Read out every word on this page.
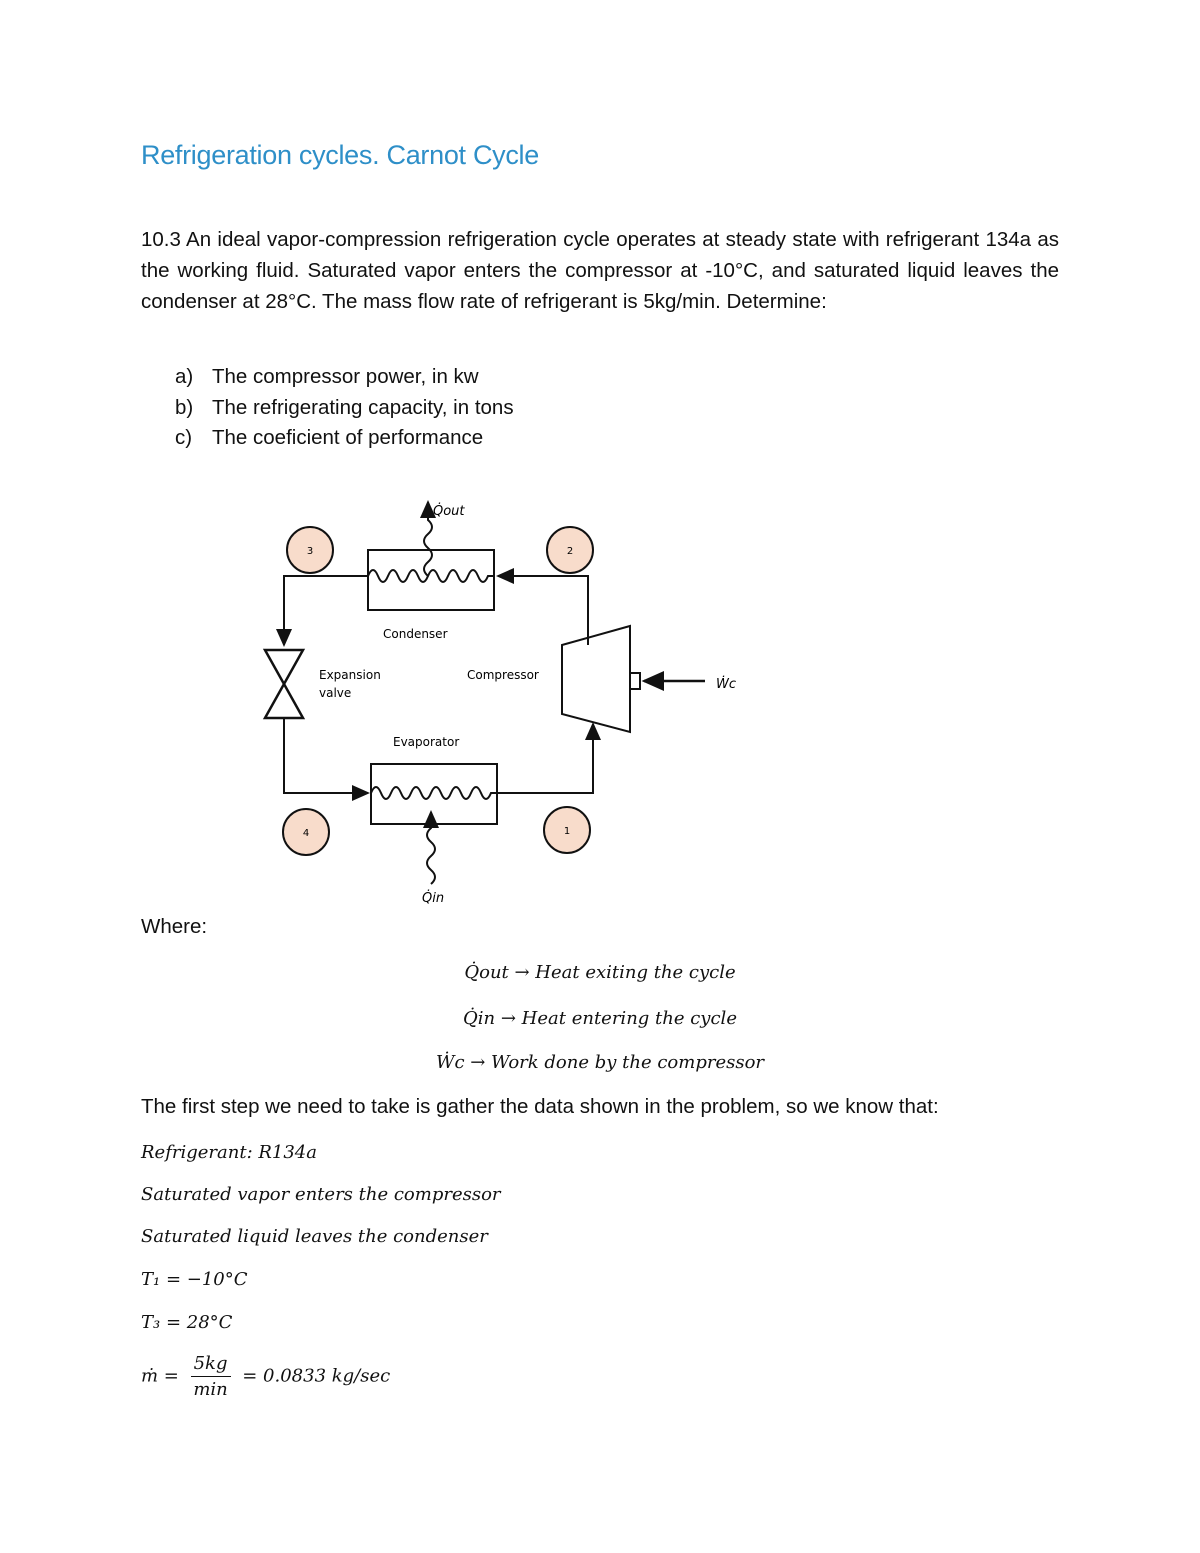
Refrigeration cycles. Carnot Cycle
10.3 An ideal vapor-compression refrigeration cycle operates at steady state with refrigerant 134a as the working fluid. Saturated vapor enters the compressor at -10°C, and saturated liquid leaves the condenser at 28°C. The mass flow rate of refrigerant is 5kg/min. Determine:
a) The compressor power, in kw
b) The refrigerating capacity, in tons
c) The coeficient of performance
Condenser
Q̇out
Evaporator
Q̇in
Compressor
Ẇc
Expansion
valve
3	2
4	1
Where:
Q̇out → Heat exiting the cycle
Q̇in → Heat entering the cycle
Ẇc → Work done by the compressor
The first step we need to take is gather the data shown in the problem, so we know that:
Refrigerant: R134a
Saturated vapor enters the compressor
Saturated liquid leaves the condenser
T₁ = −10°C
T₃ = 28°C
ṁ = $\frac{5kg}{\min} = 0.0833$ kg/sec
